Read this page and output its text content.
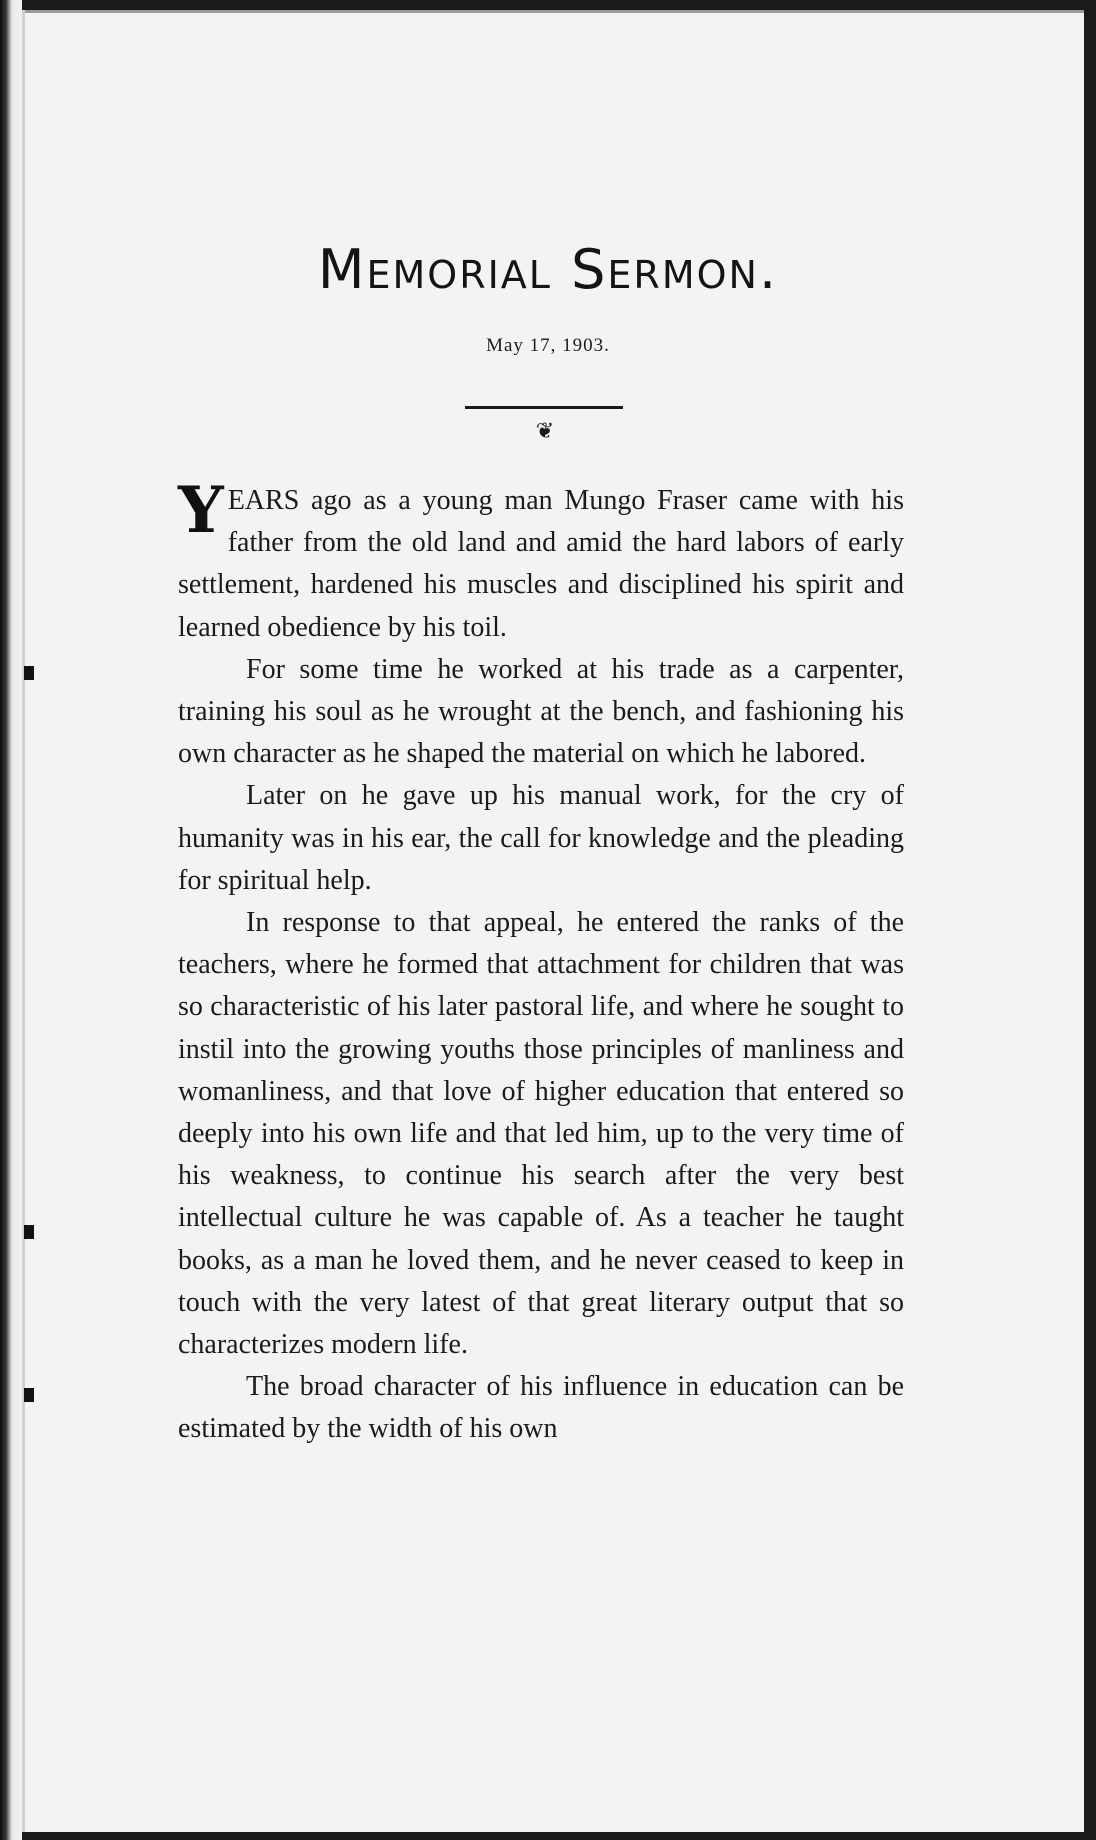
Memorial Sermon.
May 17, 1903.
❦

YEARS ago as a young man Mungo Fraser came with his father from the old land and amid the hard labors of early settlement, hardened his muscles and disciplined his spirit and learned obedience by his toil.

For some time he worked at his trade as a carpenter, training his soul as he wrought at the bench, and fashioning his own character as he shaped the material on which he labored.

Later on he gave up his manual work, for the cry of humanity was in his ear, the call for knowledge and the pleading for spiritual help.

In response to that appeal, he entered the ranks of the teachers, where he formed that attachment for children that was so characteristic of his later pastoral life, and where he sought to instil into the growing youths those principles of manliness and womanliness, and that love of higher education that entered so deeply into his own life and that led him, up to the very time of his weakness, to continue his search after the very best intellectual culture he was capable of. As a teacher he taught books, as a man he loved them, and he never ceased to keep in touch with the very latest of that great literary output that so characterizes modern life.

The broad character of his influence in education can be estimated by the width of his own
